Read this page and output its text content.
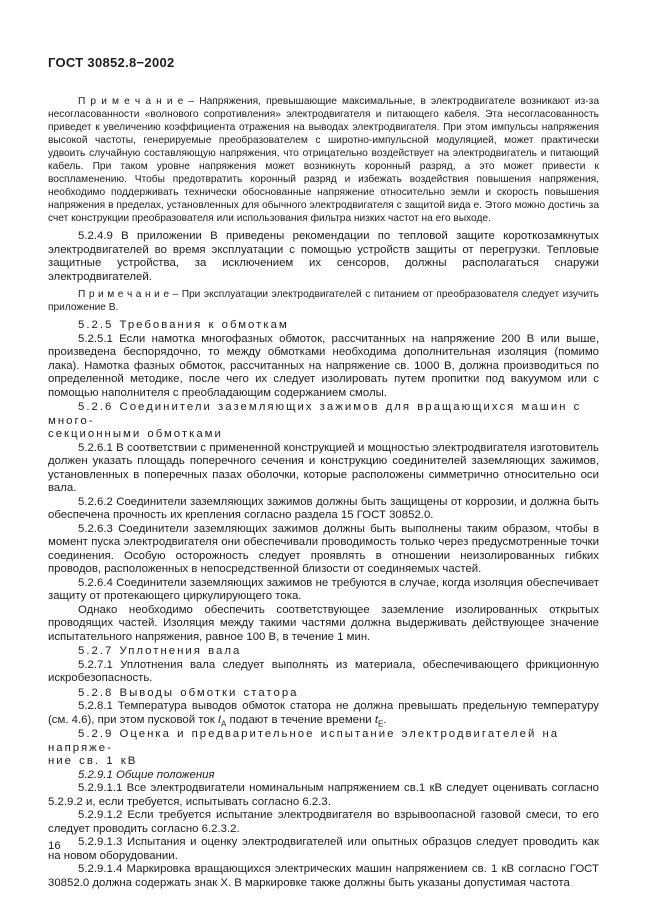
ГОСТ 30852.8−2002
П р и м е ч а н и е – Напряжения, превышающие максимальные, в электродвигателе возникают из-за несогласованности «волнового сопротивления» электродвигателя и питающего кабеля. Эта несогласованность приведет к увеличению коэффициента отражения на выводах электродвигателя. При этом импульсы напряжения высокой частоты, генерируемые преобразователем с широтно-импульсной модуляцией, может практически удвоить случайную составляющую напряжения, что отрицательно воздействует на электродвигатель и питающий кабель. При таком уровне напряжения может возникнуть коронный разряд, а это может привести к воспламенению. Чтобы предотвратить коронный разряд и избежать воздействия повышения напряжения, необходимо поддерживать технически обоснованные напряжение относительно земли и скорость повышения напряжения в пределах, установленных для обычного электродвигателя с защитой вида е. Этого можно достичь за счет конструкции преобразователя или использования фильтра низких частот на его выходе.
5.2.4.9 В приложении В приведены рекомендации по тепловой защите короткозамкнутых электродвигателей во время эксплуатации с помощью устройств защиты от перегрузки. Тепловые защитные устройства, за исключением их сенсоров, должны располагаться снаружи электродвигателей.
П р и м е ч а н и е – При эксплуатации электродвигателей с питанием от преобразователя следует изучить приложение В.
5.2.5 Требования к обмоткам
5.2.5.1 Если намотка многофазных обмоток, рассчитанных на напряжение 200 В или выше, произведена беспорядочно, то между обмотками необходима дополнительная изоляция (помимо лака). Намотка фазных обмоток, рассчитанных на напряжение св. 1000 В, должна производиться по определенной методике, после чего их следует изолировать путем пропитки под вакуумом или с помощью наполнителя с преобладающим содержанием смолы.
5.2.6 Соединители заземляющих зажимов для вращающихся машин с много-
секционными обмотками
5.2.6.1 В соответствии с примененной конструкцией и мощностью электродвигателя изготовитель должен указать площадь поперечного сечения и конструкцию соединителей заземляющих зажимов, установленных в поперечных пазах оболочки, которые расположены симметрично относительно оси вала.
5.2.6.2 Соединители заземляющих зажимов должны быть защищены от коррозии, и должна быть обеспечена прочность их крепления согласно раздела 15 ГОСТ 30852.0.
5.2.6.3 Соединители заземляющих зажимов должны быть выполнены таким образом, чтобы в момент пуска электродвигателя они обеспечивали проводимость только через предусмотренные точки соединения. Особую осторожность следует проявлять в отношении неизолированных гибких проводов, расположенных в непосредственной близости от соединяемых частей.
5.2.6.4 Соединители заземляющих зажимов не требуются в случае, когда изоляция обеспечивает защиту от протекающего циркулирующего тока.
Однако необходимо обеспечить соответствующее заземление изолированных открытых проводящих частей. Изоляция между такими частями должна выдерживать действующее значение испытательного напряжения, равное 100 В, в течение 1 мин.
5.2.7 Уплотнения вала
5.2.7.1 Уплотнения вала следует выполнять из материала, обеспечивающего фрикционную искробезопасность.
5.2.8 Выводы обмотки статора
5.2.8.1 Температура выводов обмоток статора не должна превышать предельную температуру (см. 4.6), при этом пусковой ток $I_A$ подают в течение времени $t_E$.
5.2.9 Оценка и предварительное испытание электродвигателей на напряже-
ние св. 1 кВ
5.2.9.1 Общие положения
5.2.9.1.1 Все электродвигатели номинальным напряжением св.1 кВ следует оценивать согласно 5.2.9.2 и, если требуется, испытывать согласно 6.2.3.
5.2.9.1.2 Если требуется испытание электродвигателя во взрывоопасной газовой смеси, то его следует проводить согласно 6.2.3.2.
5.2.9.1.3 Испытания и оценку электродвигателей или опытных образцов следует проводить как на новом оборудовании.
5.2.9.1.4 Маркировка вращающихся электрических машин напряжением св. 1 кВ согласно ГОСТ 30852.0 должна содержать знак Х. В маркировке также должны быть указаны допустимая частота
16
